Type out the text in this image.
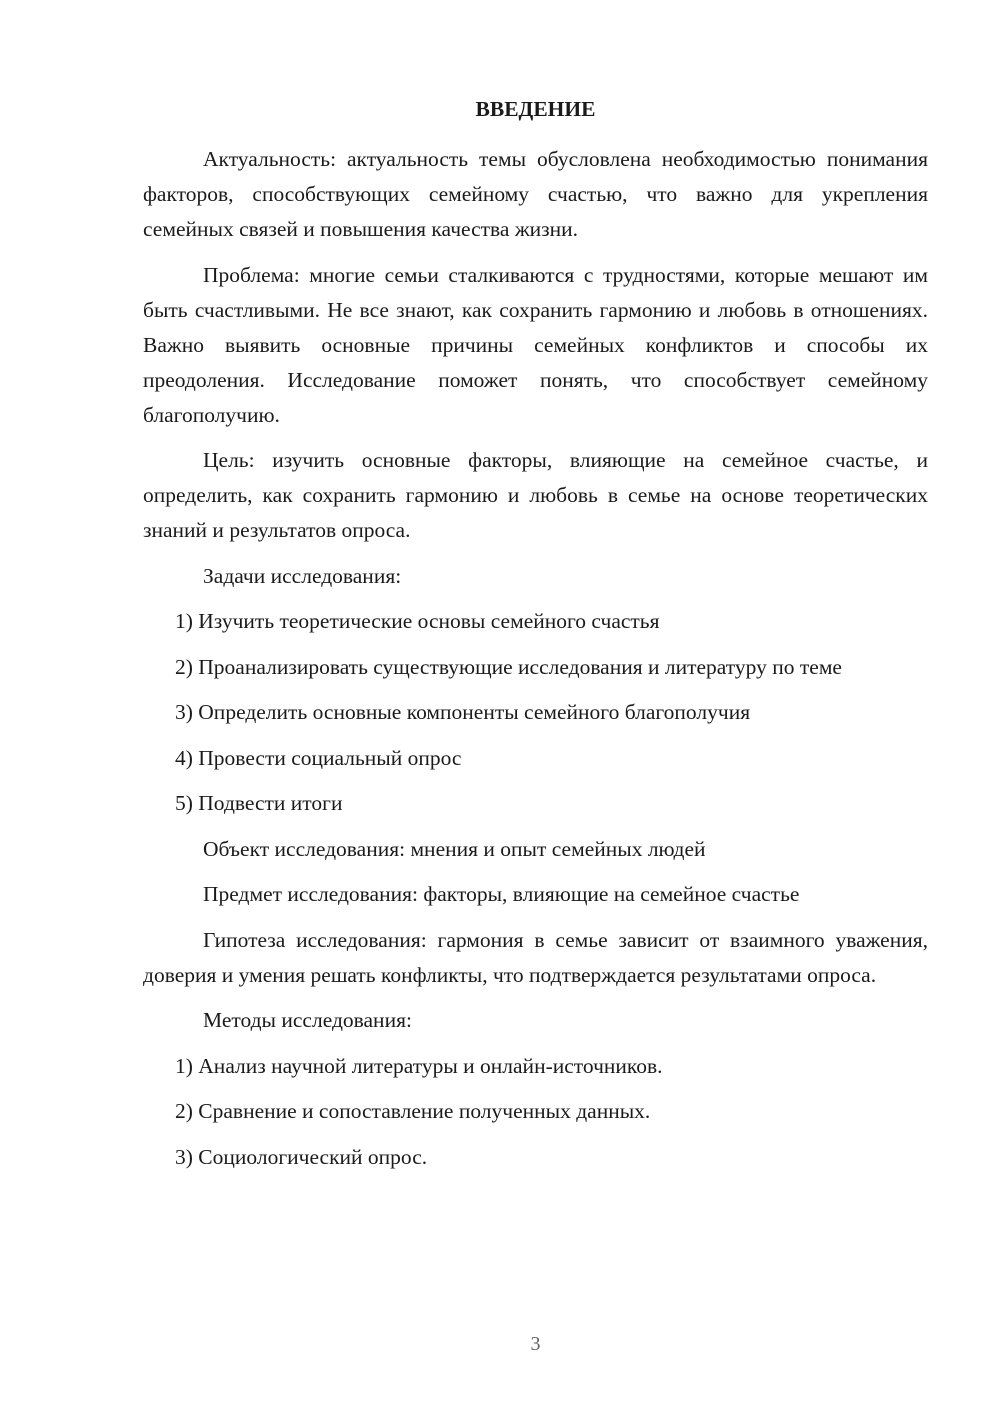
ВВЕДЕНИЕ

Актуальность: актуальность темы обусловлена необходимостью понимания факторов, способствующих семейному счастью, что важно для укрепления семейных связей и повышения качества жизни.

Проблема: многие семьи сталкиваются с трудностями, которые мешают им быть счастливыми. Не все знают, как сохранить гармонию и любовь в отношениях. Важно выявить основные причины семейных конфликтов и способы их преодоления. Исследование поможет понять, что способствует семейному благополучию.

Цель: изучить основные факторы, влияющие на семейное счастье, и определить, как сохранить гармонию и любовь в семье на основе теоретических знаний и результатов опроса.

Задачи исследования:

1) Изучить теоретические основы семейного счастья

2) Проанализировать существующие исследования и литературу по теме

3) Определить основные компоненты семейного благополучия

4) Провести социальный опрос

5) Подвести итоги

Объект исследования: мнения и опыт семейных людей

Предмет исследования: факторы, влияющие на семейное счастье

Гипотеза исследования: гармония в семье зависит от взаимного уважения, доверия и умения решать конфликты, что подтверждается результатами опроса.

Методы исследования:

1) Анализ научной литературы и онлайн-источников.

2) Сравнение и сопоставление полученных данных.

3) Социологический опрос.

3
